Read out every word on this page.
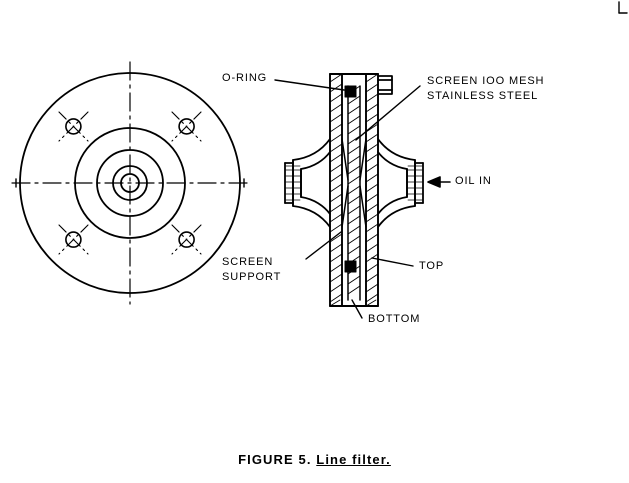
O-RING	SCREEN IOO MESH
STAINLESS STEEL
OIL IN
TOP
BOTTOM
SCREEN
SUPPORT
FIGURE 5. Line filter.
